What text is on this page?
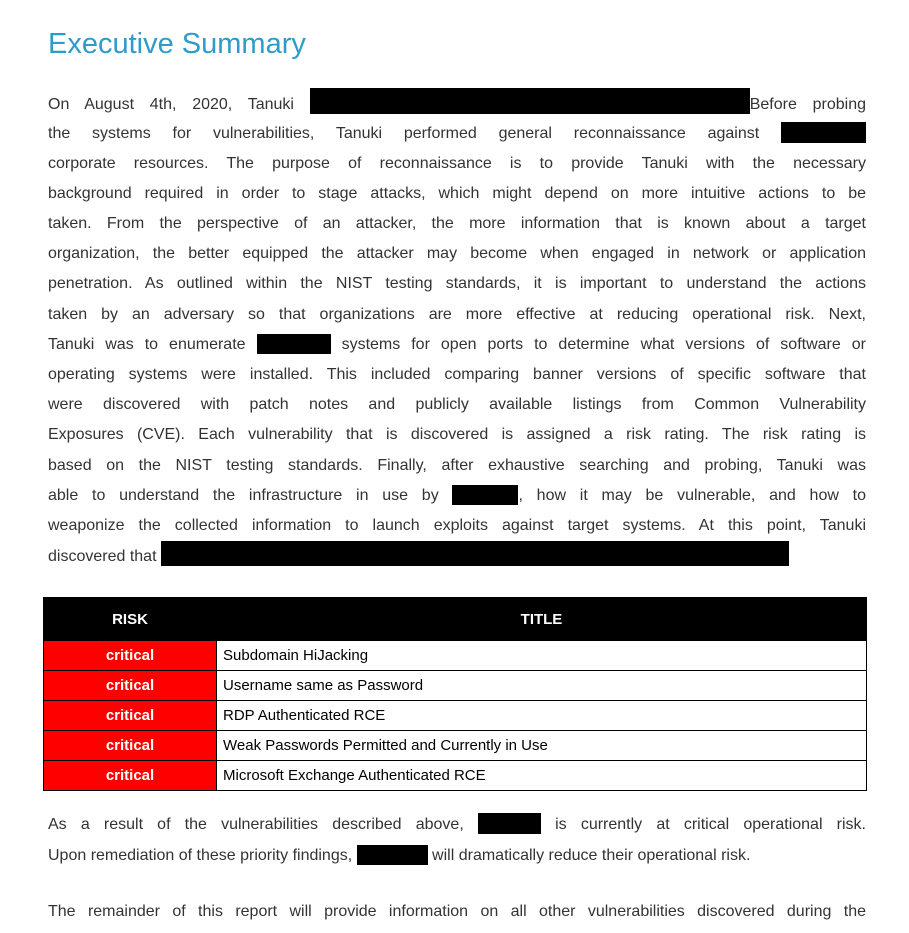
Executive Summary
On August 4th, 2020, Tanuki	Before probing
the systems for vulnerabilities, Tanuki performed general reconnaissance against
corporate resources. The purpose of reconnaissance is to provide Tanuki with the necessary
background required in order to stage attacks, which might depend on more intuitive actions to be
taken. From the perspective of an attacker, the more information that is known about a target
organization, the better equipped the attacker may become when engaged in network or application
penetration. As outlined within the NIST testing standards, it is important to understand the actions
taken by an adversary so that organizations are more effective at reducing operational risk. Next,
Tanuki was to enumerate	systems for open ports to determine what versions of software or
operating systems were installed. This included comparing banner versions of specific software that
were discovered with patch notes and publicly available listings from Common Vulnerability
Exposures (CVE). Each vulnerability that is discovered is assigned a risk rating. The risk rating is
based on the NIST testing standards. Finally, after exhaustive searching and probing, Tanuki was
able to understand the infrastructure in use by	, how it may be vulnerable, and how to
weaponize the collected information to launch exploits against target systems. At this point, Tanuki
discovered that
RISK	TITLE
critical	Subdomain HiJacking
critical	Username same as Password
critical	RDP Authenticated RCE
critical	Weak Passwords Permitted and Currently in Use
critical	Microsoft Exchange Authenticated RCE
As a result of the vulnerabilities described above,	is currently at critical operational risk.
Upon remediation of these priority findings,	will dramatically reduce their operational risk.
The remainder of this report will provide information on all other vulnerabilities discovered during the
